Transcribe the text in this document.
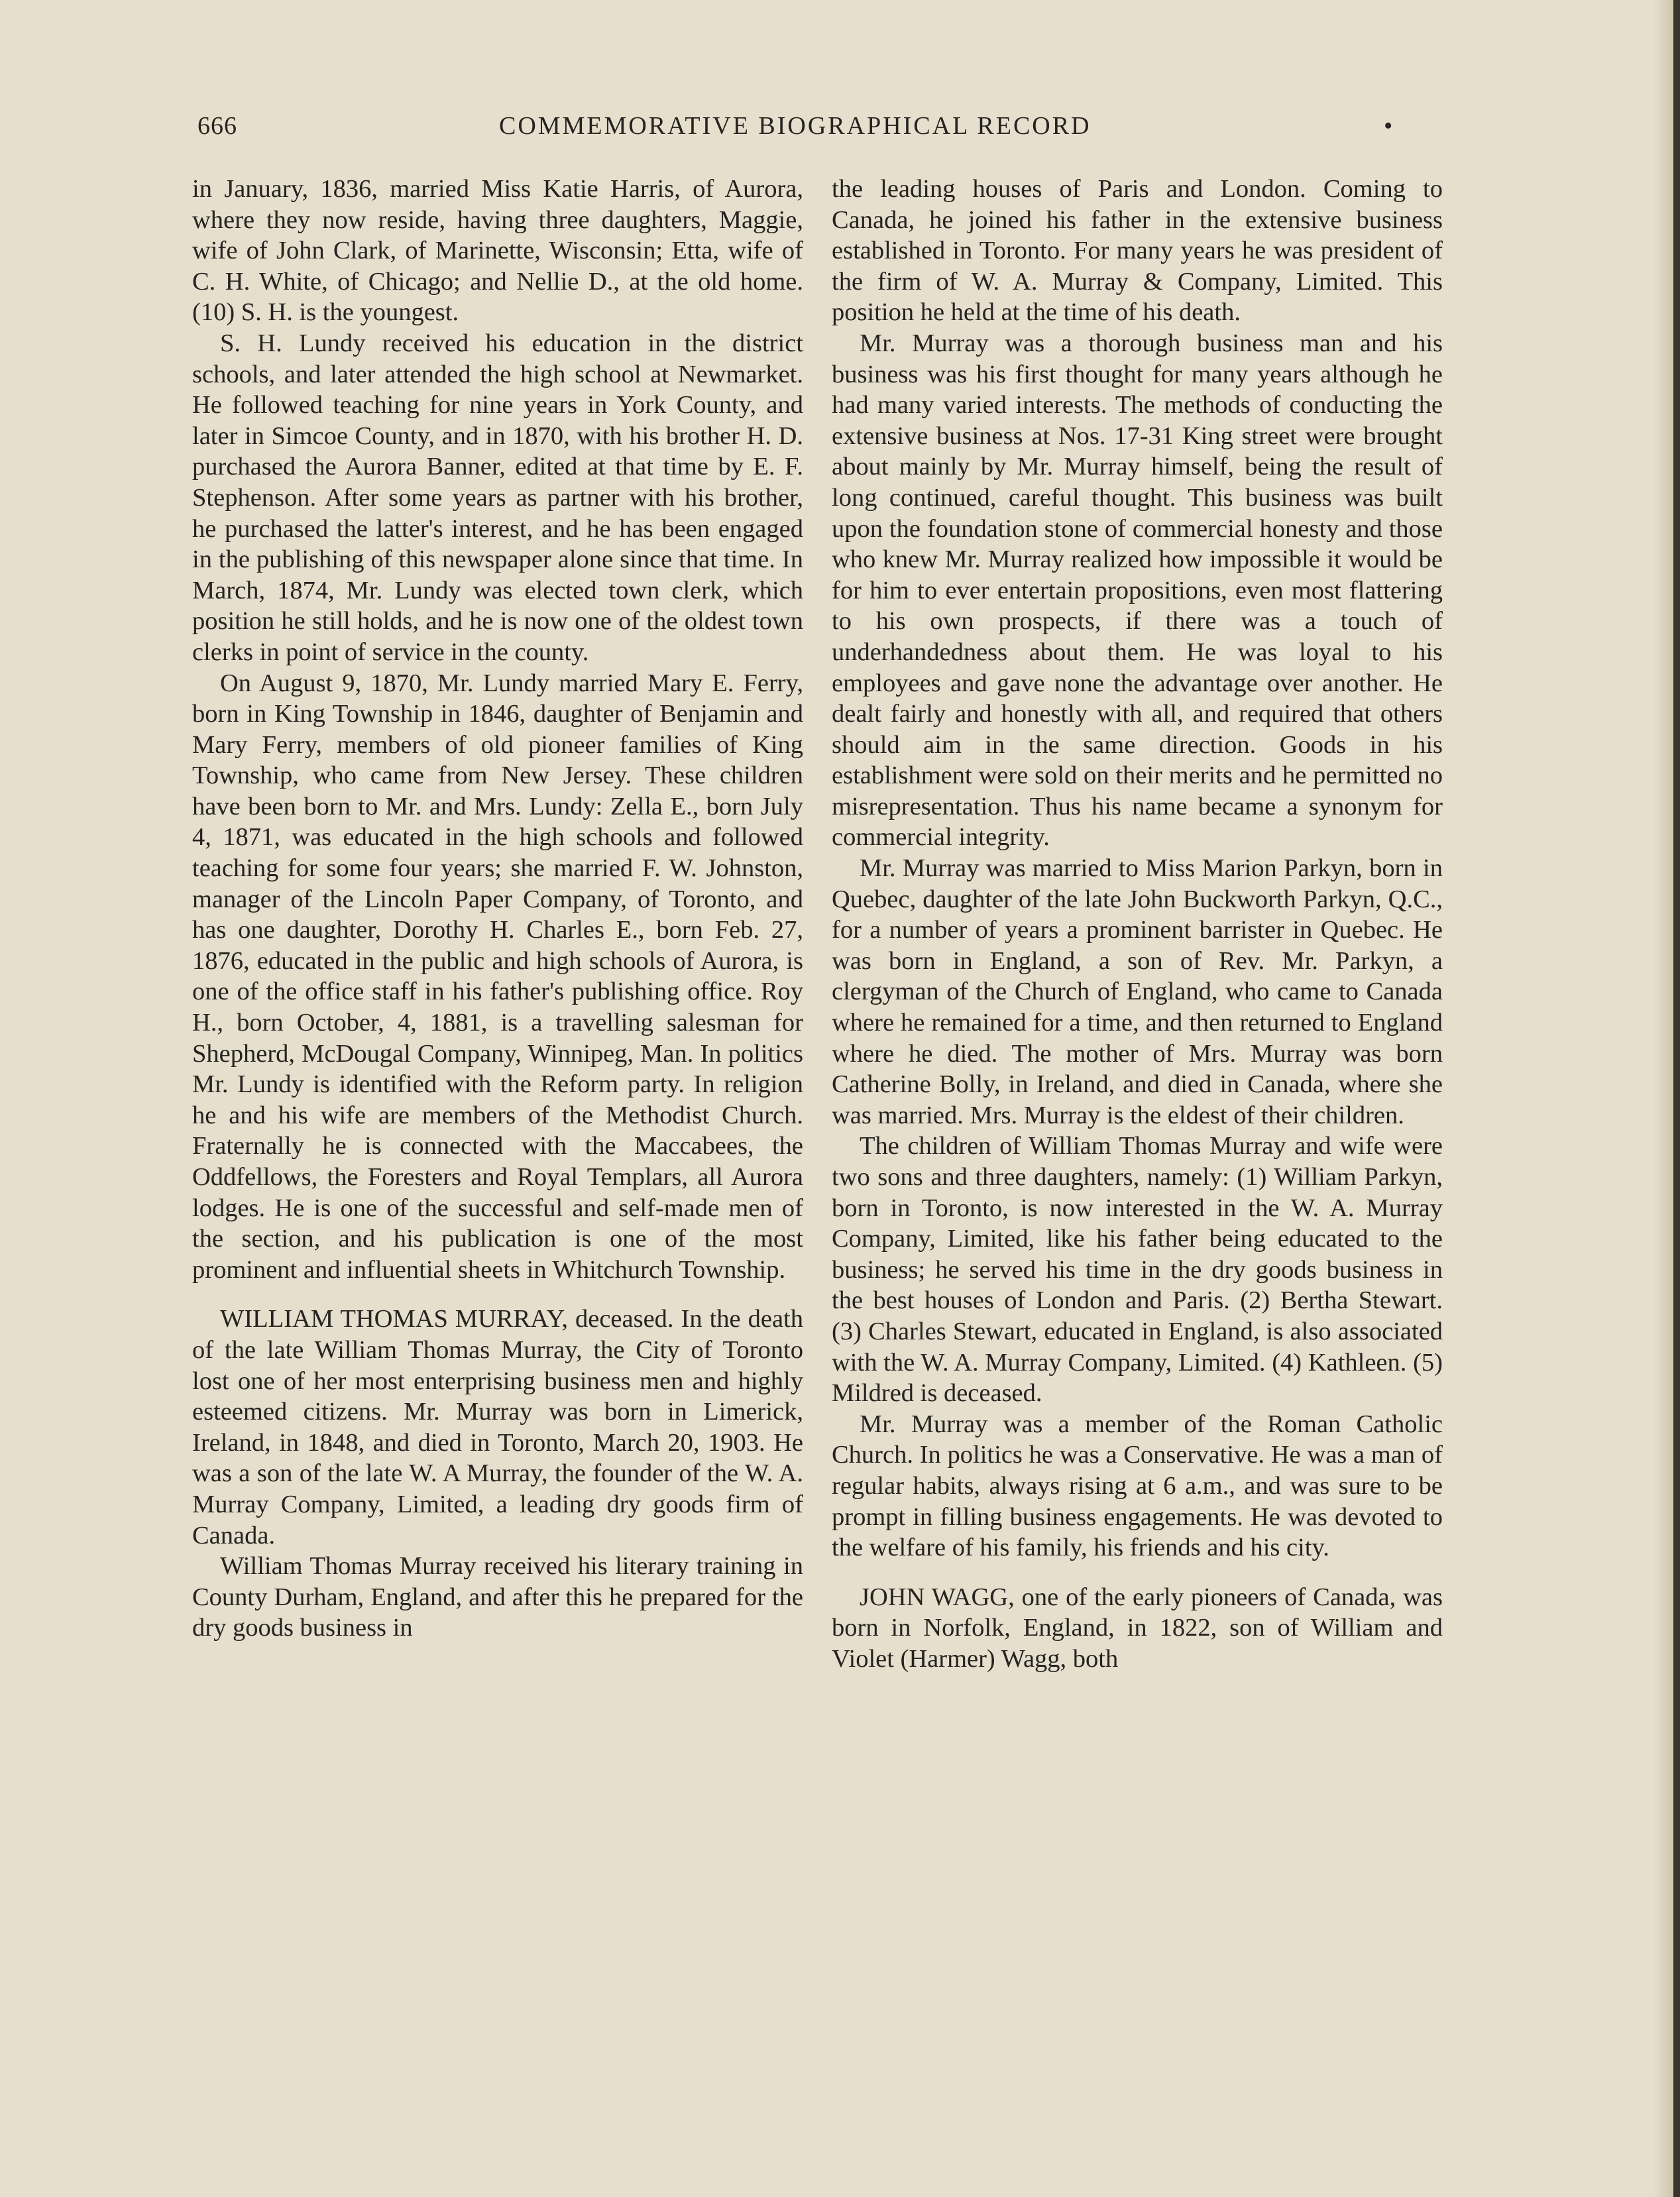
666	COMMEMORATIVE BIOGRAPHICAL RECORD	•

in January, 1836, married Miss Katie Harris, of Aurora, where they now reside, having three daughters, Maggie, wife of John Clark, of Marinette, Wisconsin; Etta, wife of C. H. White, of Chicago; and Nellie D., at the old home. (10) S. H. is the youngest.

S. H. Lundy received his education in the district schools, and later attended the high school at Newmarket. He followed teaching for nine years in York County, and later in Simcoe County, and in 1870, with his brother H. D. purchased the Aurora Banner, edited at that time by E. F. Stephenson. After some years as partner with his brother, he purchased the latter's interest, and he has been engaged in the publishing of this newspaper alone since that time. In March, 1874, Mr. Lundy was elected town clerk, which position he still holds, and he is now one of the oldest town clerks in point of service in the county.

On August 9, 1870, Mr. Lundy married Mary E. Ferry, born in King Township in 1846, daughter of Benjamin and Mary Ferry, members of old pioneer families of King Township, who came from New Jersey. These children have been born to Mr. and Mrs. Lundy: Zella E., born July 4, 1871, was educated in the high schools and followed teaching for some four years; she married F. W. Johnston, manager of the Lincoln Paper Company, of Toronto, and has one daughter, Dorothy H. Charles E., born Feb. 27, 1876, educated in the public and high schools of Aurora, is one of the office staff in his father's publishing office. Roy H., born October, 4, 1881, is a travelling salesman for Shepherd, McDougal Company, Winnipeg, Man. In politics Mr. Lundy is identified with the Reform party. In religion he and his wife are members of the Methodist Church. Fraternally he is connected with the Maccabees, the Oddfellows, the Foresters and Royal Templars, all Aurora lodges. He is one of the successful and self-made men of the section, and his publication is one of the most prominent and influential sheets in Whitchurch Township.

WILLIAM THOMAS MURRAY, deceased. In the death of the late William Thomas Murray, the City of Toronto lost one of her most enterprising business men and highly esteemed citizens. Mr. Murray was born in Limerick, Ireland, in 1848, and died in Toronto, March 20, 1903. He was a son of the late W. A Murray, the founder of the W. A. Murray Company, Limited, a leading dry goods firm of Canada.

William Thomas Murray received his literary training in County Durham, England, and after this he prepared for the dry goods business in

the leading houses of Paris and London. Coming to Canada, he joined his father in the extensive business established in Toronto. For many years he was president of the firm of W. A. Murray & Company, Limited. This position he held at the time of his death.

Mr. Murray was a thorough business man and his business was his first thought for many years although he had many varied interests. The methods of conducting the extensive business at Nos. 17-31 King street were brought about mainly by Mr. Murray himself, being the result of long continued, careful thought. This business was built upon the foundation stone of commercial honesty and those who knew Mr. Murray realized how impossible it would be for him to ever entertain propositions, even most flattering to his own prospects, if there was a touch of underhandedness about them. He was loyal to his employees and gave none the advantage over another. He dealt fairly and honestly with all, and required that others should aim in the same direction. Goods in his establishment were sold on their merits and he permitted no misrepresentation. Thus his name became a synonym for commercial integrity.

Mr. Murray was married to Miss Marion Parkyn, born in Quebec, daughter of the late John Buckworth Parkyn, Q.C., for a number of years a prominent barrister in Quebec. He was born in England, a son of Rev. Mr. Parkyn, a clergyman of the Church of England, who came to Canada where he remained for a time, and then returned to England where he died. The mother of Mrs. Murray was born Catherine Bolly, in Ireland, and died in Canada, where she was married. Mrs. Murray is the eldest of their children.

The children of William Thomas Murray and wife were two sons and three daughters, namely: (1) William Parkyn, born in Toronto, is now interested in the W. A. Murray Company, Limited, like his father being educated to the business; he served his time in the dry goods business in the best houses of London and Paris. (2) Bertha Stewart. (3) Charles Stewart, educated in England, is also associated with the W. A. Murray Company, Limited. (4) Kathleen. (5) Mildred is deceased.

Mr. Murray was a member of the Roman Catholic Church. In politics he was a Conservative. He was a man of regular habits, always rising at 6 a.m., and was sure to be prompt in filling business engagements. He was devoted to the welfare of his family, his friends and his city.

JOHN WAGG, one of the early pioneers of Canada, was born in Norfolk, England, in 1822, son of William and Violet (Harmer) Wagg, both
